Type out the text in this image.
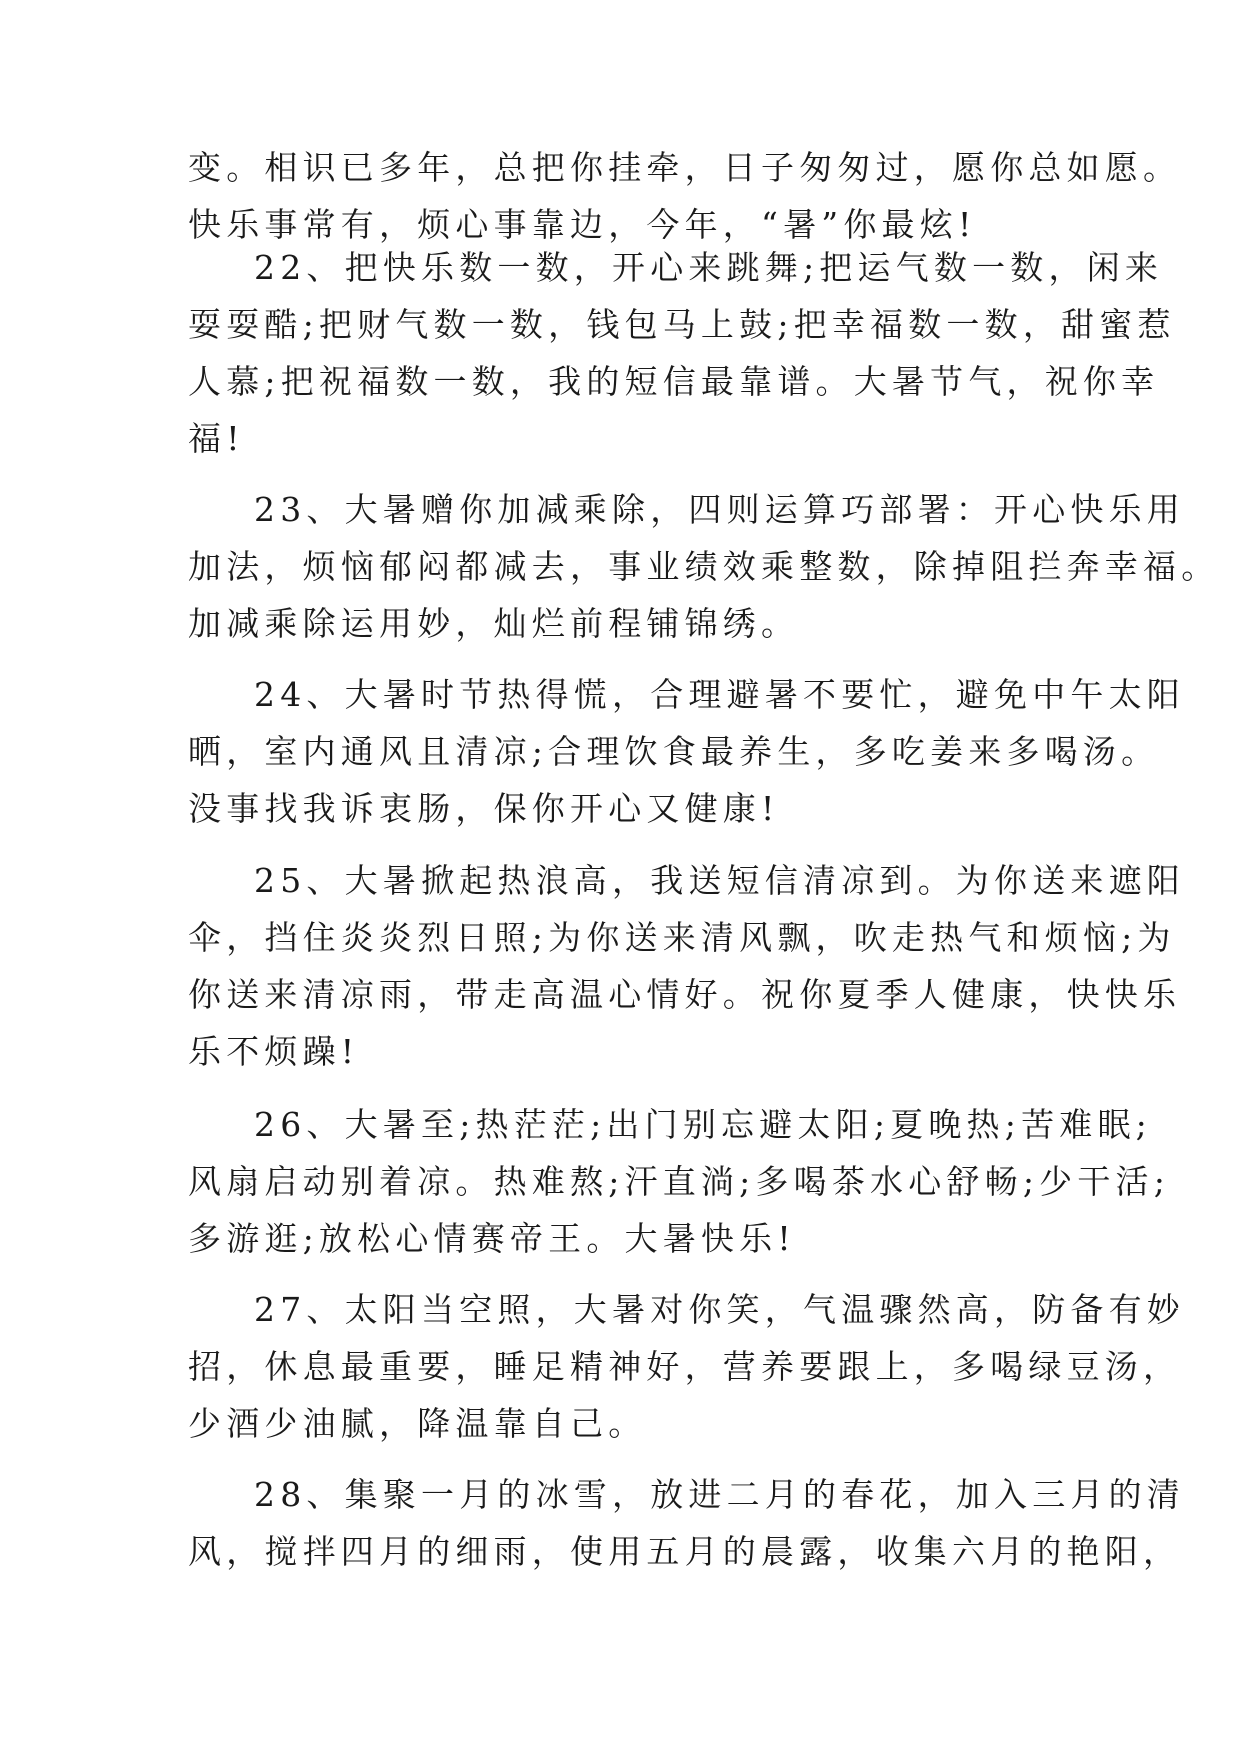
变。相识已多年，总把你挂牵，日子匆匆过，愿你总如愿。
快乐事常有，烦心事靠边，今年，“暑”你最炫!
22、把快乐数一数，开心来跳舞;把运气数一数，闲来
耍耍酷;把财气数一数，钱包马上鼓;把幸福数一数，甜蜜惹
人慕;把祝福数一数，我的短信最靠谱。大暑节气，祝你幸
福!
23、大暑赠你加减乘除，四则运算巧部署：开心快乐用
加法，烦恼郁闷都减去，事业绩效乘整数，除掉阻拦奔幸福。
加减乘除运用妙，灿烂前程铺锦绣。
24、大暑时节热得慌，合理避暑不要忙，避免中午太阳
晒，室内通风且清凉;合理饮食最养生，多吃姜来多喝汤。
没事找我诉衷肠，保你开心又健康!
25、大暑掀起热浪高，我送短信清凉到。为你送来遮阳
伞，挡住炎炎烈日照;为你送来清风飘，吹走热气和烦恼;为
你送来清凉雨，带走高温心情好。祝你夏季人健康，快快乐
乐不烦躁!
26、大暑至;热茫茫;出门别忘避太阳;夏晚热;苦难眠;
风扇启动别着凉。热难熬;汗直淌;多喝茶水心舒畅;少干活;
多游逛;放松心情赛帝王。大暑快乐!
27、太阳当空照，大暑对你笑，气温骤然高，防备有妙
招，休息最重要，睡足精神好，营养要跟上，多喝绿豆汤，
少酒少油腻，降温靠自己。
28、集聚一月的冰雪，放进二月的春花，加入三月的清
风，搅拌四月的细雨，使用五月的晨露，收集六月的艳阳，
